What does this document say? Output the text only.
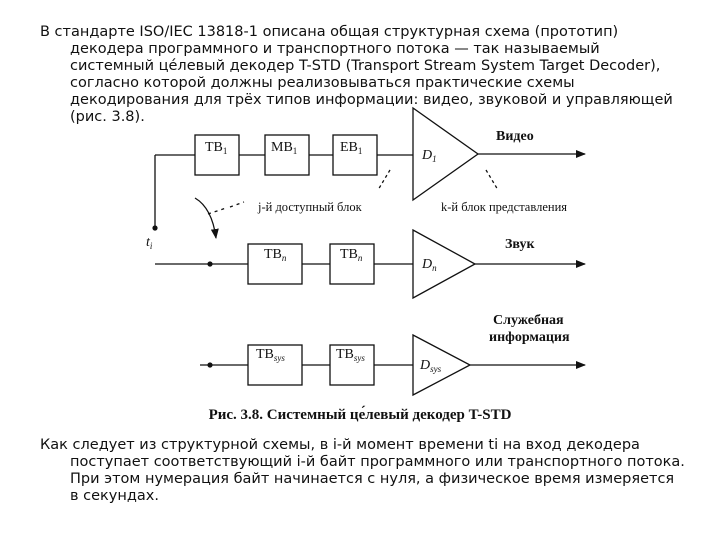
В стандарте ISO/IEC 13818-1 описана общая структурная схема (прототип)
декодера программного и транспортного потока — так называемый
системный це́левый декодер T-STD (Transport Stream System Target Decoder),
согласно которой должны реализовываться практические схемы
декодирования для трёх типов информации: видео, звуковой и управляющей
(рис. 3.8).
$TB_1$	$MB_1$	$EB_1$	$D_1$
$TB_n$	$TB_n$	$D_n$
$TB_{sys}$	$TB_{sys}$	$D_{sys}$
$t_i$
j-й доступный блок	k-й блок представления
Видео
Звук
Служебная
информация
Рис. 3.8. Системный це́левый декодер T-STD
Как следует из структурной схемы, в i-й момент времени ti на вход декодера
поступает соответствующий i-й байт программного или транспортного потока.
При этом нумерация байт начинается с нуля, а физическое время измеряется
в секундах.
